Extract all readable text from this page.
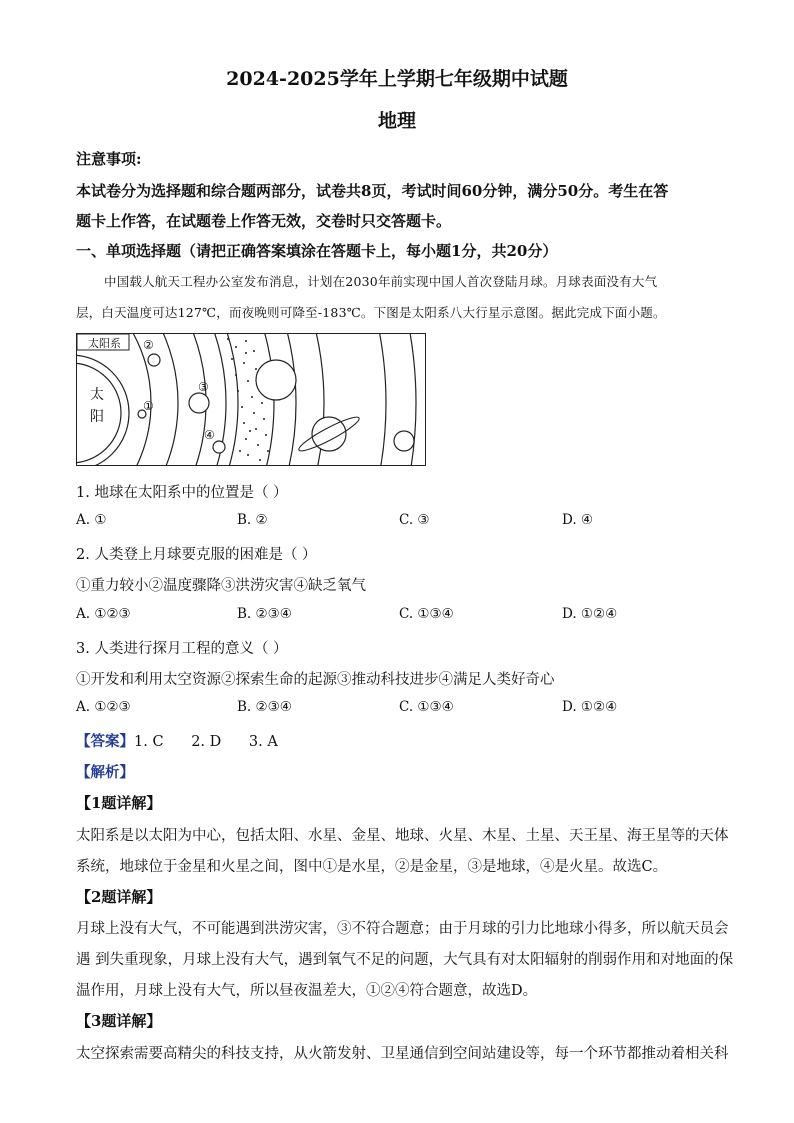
2024-2025学年上学期七年级期中试题
地理
注意事项:
本试卷分为选择题和综合题两部分，试卷共8页，考试时间60分钟，满分50分。考生在答
题卡上作答，在试题卷上作答无效，交卷时只交答题卡。
一、单项选择题（请把正确答案填涂在答题卡上，每小题1分，共20分）
中国载人航天工程办公室发布消息，计划在2030年前实现中国人首次登陆月球。月球表面没有大气
层，白天温度可达127℃，而夜晚则可降至-183℃。下图是太阳系八大行星示意图。据此完成下面小题。
太阳系
太
阳
①
②
③
④
1. 地球在太阳系中的位置是（ ）
A. ①	B. ②	C. ③	D. ④
2. 人类登上月球要克服的困难是（ ）
①重力较小②温度骤降③洪涝灾害④缺乏氧气
A. ①②③	B. ②③④	C. ①③④	D. ①②④
3. 人类进行探月工程的意义（ ）
①开发和利用太空资源②探索生命的起源③推动科技进步④满足人类好奇心
A. ①②③	B. ②③④	C. ①③④	D. ①②④
【答案】1. C      2. D      3. A
【解析】
【1题详解】
太阳系是以太阳为中心，包括太阳、水星、金星、地球、火星、木星、土星、天王星、海王星等的天体
系统，地球位于金星和火星之间，图中①是水星，②是金星，③是地球，④是火星。故选C。
【2题详解】
月球上没有大气，不可能遇到洪涝灾害，③不符合题意；由于月球的引力比地球小得多，所以航天员会
遇 到失重现象，月球上没有大气，遇到氧气不足的问题，大气具有对太阳辐射的削弱作用和对地面的保
温作用，月球上没有大气，所以昼夜温差大，①②④符合题意，故选D。
【3题详解】
太空探索需要高精尖的科技支持，从火箭发射、卫星通信到空间站建设等，每一个环节都推动着相关科
